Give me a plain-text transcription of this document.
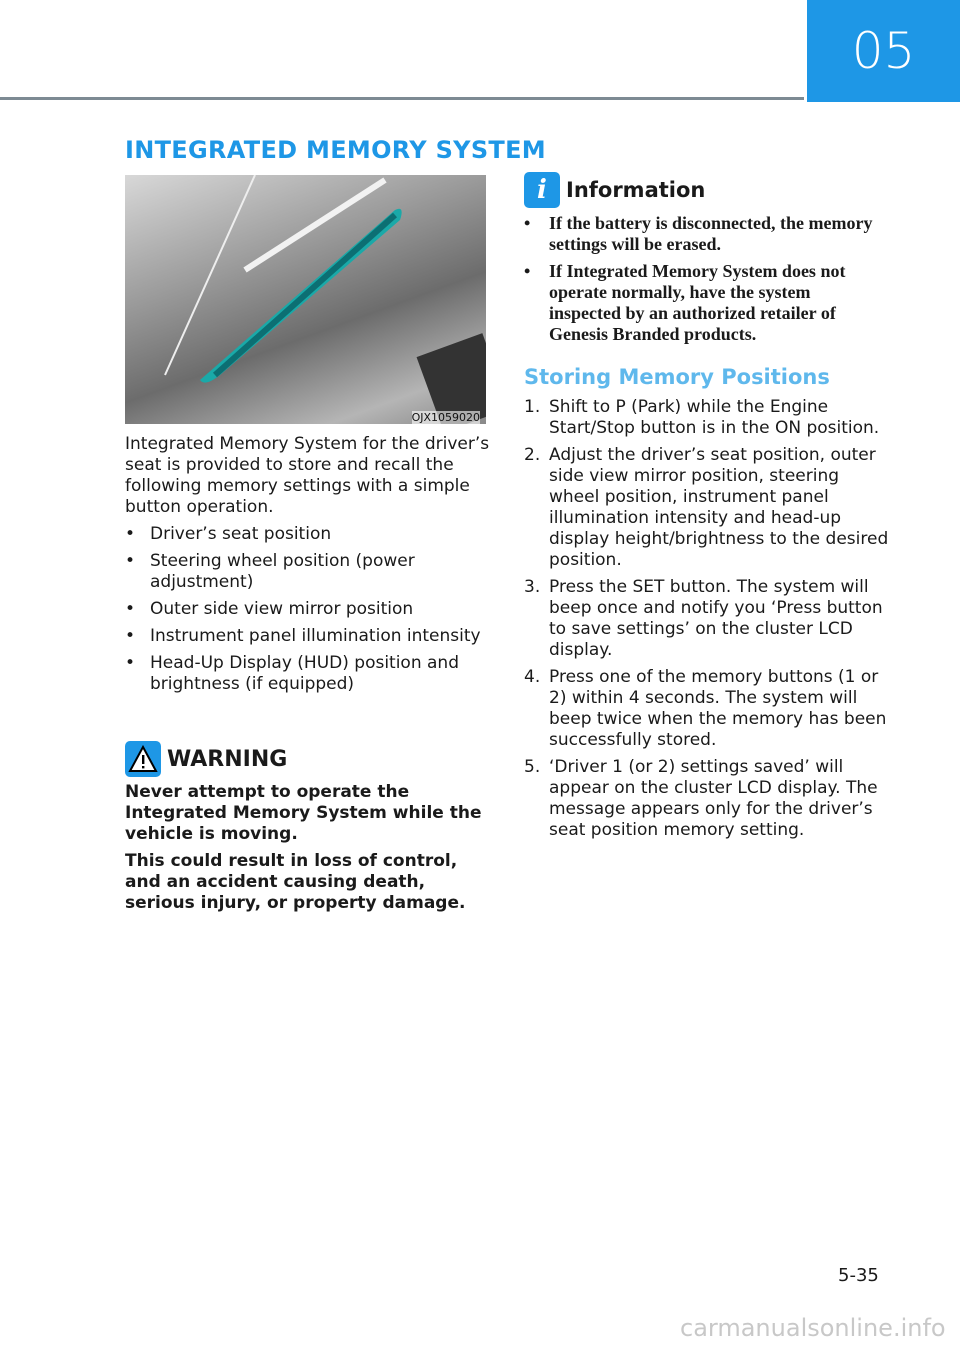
05
INTEGRATED MEMORY SYSTEM
OJX1059020

Integrated Memory System for the driver’s seat is provided to store and recall the following memory settings with a simple button operation.

• Driver’s seat position
• Steering wheel position (power adjustment)
• Outer side view mirror position
• Instrument panel illumination intensity
• Head-Up Display (HUD) position and brightness (if equipped)
WARNING

Never attempt to operate the Integrated Memory System while the vehicle is moving.

This could result in loss of control, and an accident causing death, serious injury, or property damage.

i Information
• If the battery is disconnected, the memory settings will be erased.
• If Integrated Memory System does not operate normally, have the system inspected by an authorized retailer of Genesis Branded products.
Storing Memory Positions
1. Shift to P (Park) while the Engine Start/Stop button is in the ON position.
2. Adjust the driver’s seat position, outer side view mirror position, steering wheel position, instrument panel illumination intensity and head-up display height/brightness to the desired position.
3. Press the SET button. The system will beep once and notify you ‘Press button to save settings’ on the cluster LCD display.
4. Press one of the memory buttons (1 or 2) within 4 seconds. The system will beep twice when the memory has been successfully stored.
5. ‘Driver 1 (or 2) settings saved’ will appear on the cluster LCD display. The message appears only for the driver’s seat position memory setting.
5-35
carmanualsonline.info
